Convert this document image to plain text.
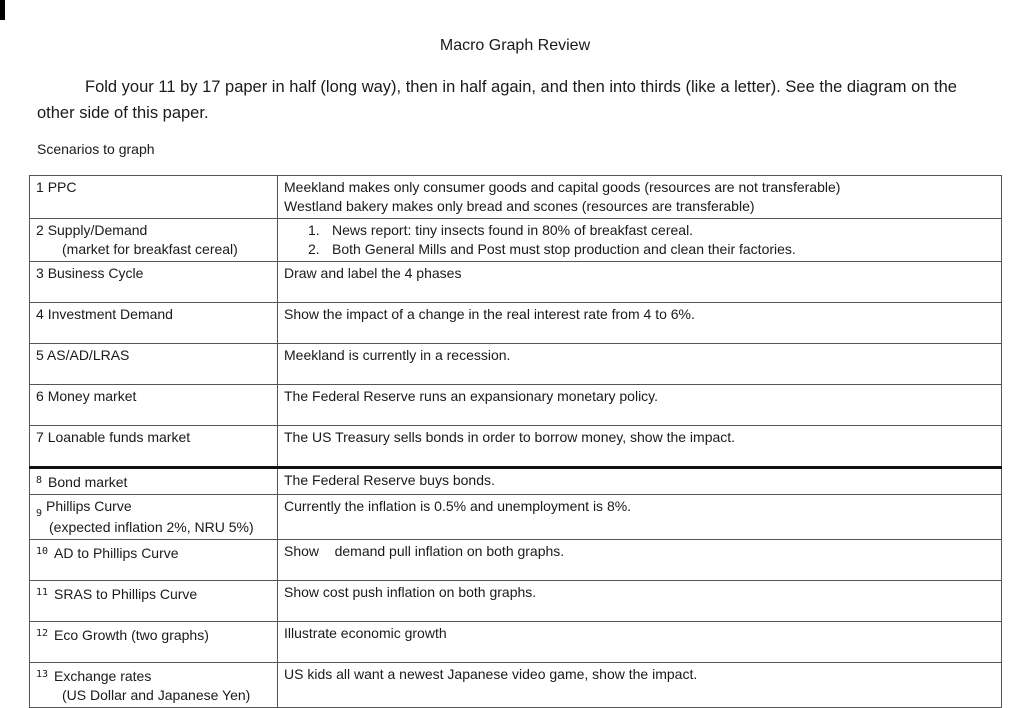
Macro Graph Review
Fold your 11 by 17 paper in half (long way), then in half again, and then into thirds (like a letter). See the diagram on the other side of this paper.
Scenarios to graph
1 PPC	Meekland makes only consumer goods and capital goods (resources are not transferable)
Westland bakery makes only bread and scones (resources are transferable)

2 Supply/Demand
(market for breakfast cereal)	1. News report: tiny insects found in 80% of breakfast cereal.
2. Both General Mills and Post must stop production and clean their factories.

3 Business Cycle	Draw and label the 4 phases
4 Investment Demand	Show the impact of a change in the real interest rate from 4 to 6%.
5 AS/AD/LRAS	Meekland is currently in a recession.
6 Money market	The Federal Reserve runs an expansionary monetary policy.
7 Loanable funds market	The US Treasury sells bonds in order to borrow money, show the impact.
$^8$ Bond market	The Federal Reserve buys bonds.
$_9$ Phillips Curve
(expected inflation 2%, NRU 5%)	Currently the inflation is 0.5% and unemployment is 8%.
$^{10}$ AD to Phillips Curve	Show    demand pull inflation on both graphs.
$^{11}$ SRAS to Phillips Curve	Show cost push inflation on both graphs.
$^{12}$ Eco Growth (two graphs)	Illustrate economic growth
$^{13}$ Exchange rates
(US Dollar and Japanese Yen)	US kids all want a newest Japanese video game, show the impact.
